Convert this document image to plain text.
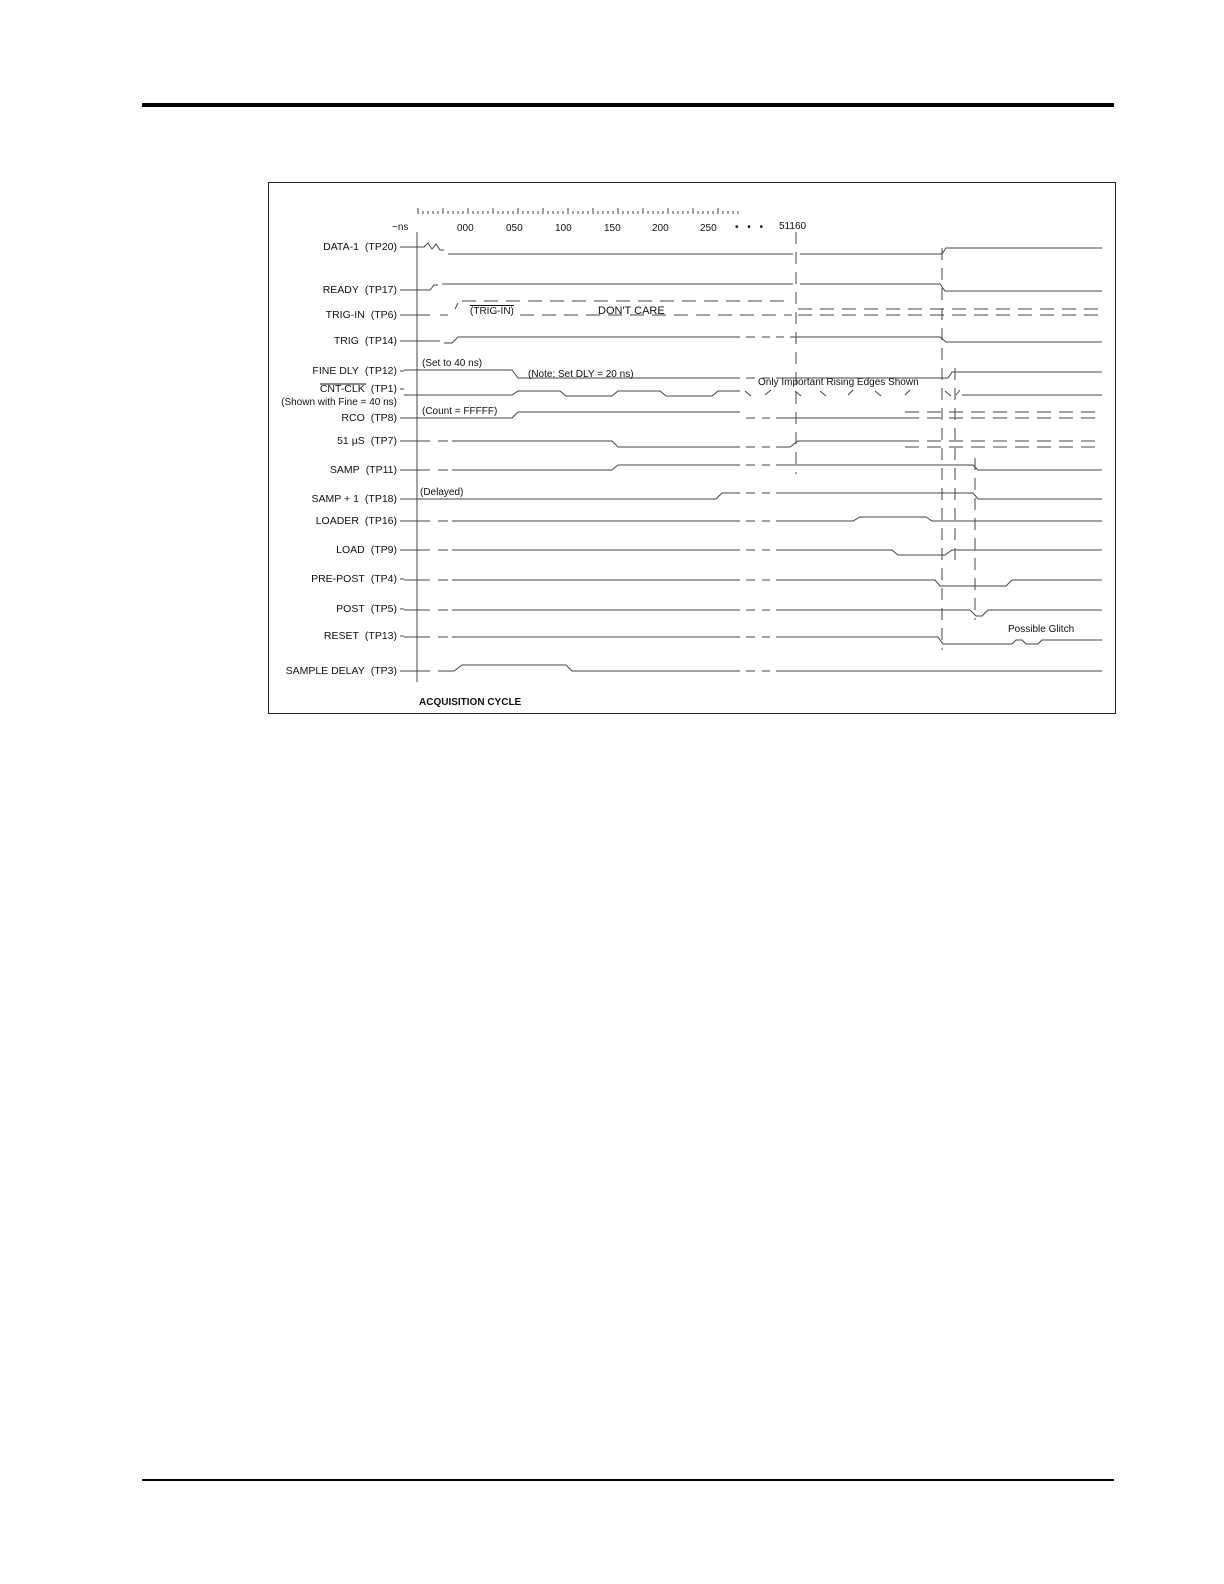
~ns	000	050	100	150	200	250 • • • 51160
DATA-1 (TP20)
READY (TP17)
TRIG-IN (TP6)
TRIG (TP14)
FINE DLY (TP12)
CNT-CLK (TP1)
RCO (TP8)
51 µS (TP7)
SAMP (TP11)
SAMP + 1 (TP18)
LOADER (TP16)
LOAD (TP9)
PRE-POST (TP4)
POST (TP5)
RESET (TP13)
SAMPLE DELAY (TP3)
(Shown with Fine = 40 ns)
(TRIG-IN)	DON'T CARE
(Set to 40 ns)
(Note: Set DLY = 20 ns)
Only Important Rising Edges Shown
(Count = FFFFF)
(Delayed)
Possible Glitch
ACQUISITION CYCLE
